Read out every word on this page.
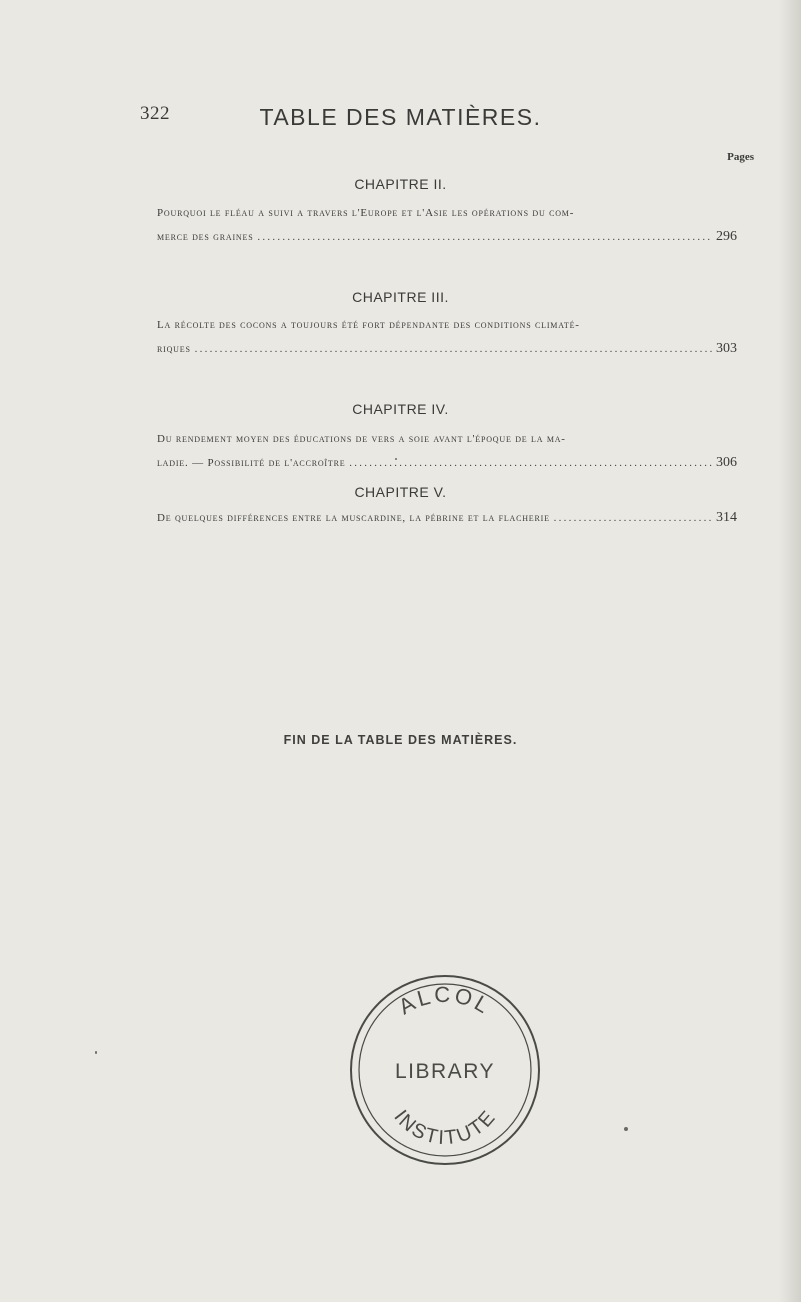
322	TABLE DES MATIÈRES.
Pages
CHAPITRE II.
Pourquoi le fléau a suivi a travers l'Europe et l'Asie les opérations du com-
merce des graines . . .	296
CHAPITRE III.
La récolte des cocons a toujours été fort dépendante des conditions climaté-
riques . . .	303
CHAPITRE IV.
Du rendement moyen des éducations de vers a soie avant l'époque de la ma-
ladie. — Possibilité de l'accroître . . .	306
CHAPITRE V.
De quelques différences entre la muscardine, la pébrine et la flacherie . . .	314
FIN DE LA TABLE DES MATIÈRES.
ALCOL
LIBRARY
INSTITUTE
